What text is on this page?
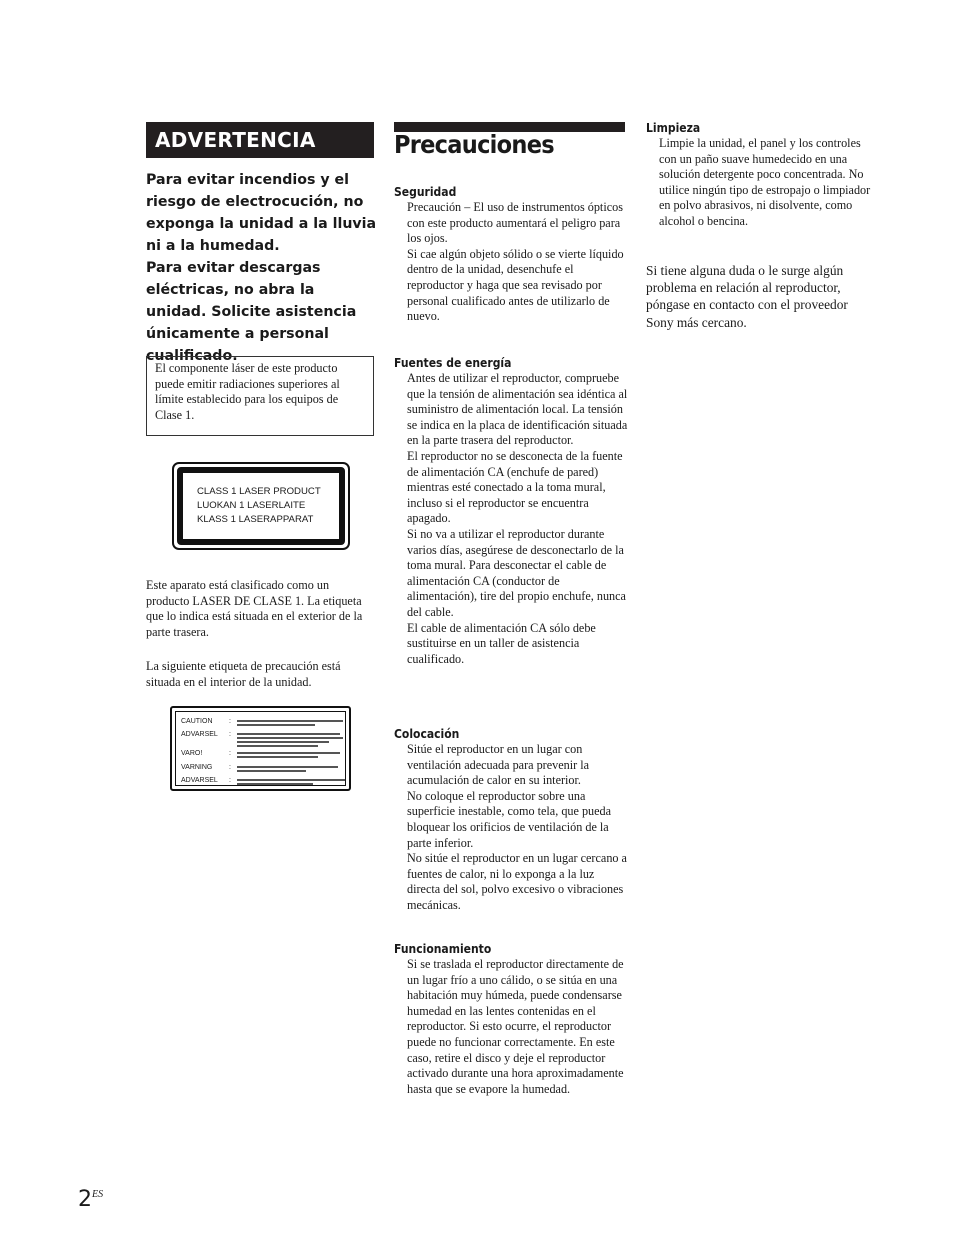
ADVERTENCIA

Para evitar incendios y el riesgo de electrocución, no exponga la unidad a la lluvia ni a la humedad.

Para evitar descargas eléctricas, no abra la unidad. Solicite asistencia únicamente a personal cualificado.

El componente láser de este producto puede emitir radiaciones superiores al límite establecido para los equipos de Clase 1.
CLASS 1 LASER PRODUCT
LUOKAN 1 LASERLAITE
KLASS 1 LASERAPPARAT

Este aparato está clasificado como un producto LASER DE CLASE 1. La etiqueta que lo indica está situada en el exterior de la parte trasera.

La siguiente etiqueta de precaución está situada en el interior de la unidad.

CAUTION :
ADVARSEL :
VARO!	:
VARNING :
ADVARSEL :
Precauciones

Seguridad

Precaución – El uso de instrumentos ópticos con este producto aumentará el peligro para los ojos.

Si cae algún objeto sólido o se vierte líquido dentro de la unidad, desenchufe el reproductor y haga que sea revisado por personal cualificado antes de utilizarlo de nuevo.

Fuentes de energía

Antes de utilizar el reproductor, compruebe que la tensión de alimentación sea idéntica al suministro de alimentación local. La tensión se indica en la placa de identificación situada en la parte trasera del reproductor.

El reproductor no se desconecta de la fuente de alimentación CA (enchufe de pared) mientras esté conectado a la toma mural, incluso si el reproductor se encuentra apagado.

Si no va a utilizar el reproductor durante varios días, asegúrese de desconectarlo de la toma mural. Para desconectar el cable de alimentación CA (conductor de alimentación), tire del propio enchufe, nunca del cable.

El cable de alimentación CA sólo debe sustituirse en un taller de asistencia cualificado.

Colocación

Sitúe el reproductor en un lugar con ventilación adecuada para prevenir la acumulación de calor en su interior.

No coloque el reproductor sobre una superficie inestable, como tela, que pueda bloquear los orificios de ventilación de la parte inferior.

No sitúe el reproductor en un lugar cercano a fuentes de calor, ni lo exponga a la luz directa del sol, polvo excesivo o vibraciones mecánicas.

Funcionamiento

Si se traslada el reproductor directamente de un lugar frío a uno cálido, o se sitúa en una habitación muy húmeda, puede condensarse humedad en las lentes contenidas en el reproductor. Si esto ocurre, el reproductor puede no funcionar correctamente. En este caso, retire el disco y deje el reproductor activado durante una hora aproximadamente hasta que se evapore la humedad.

Limpieza

Limpie la unidad, el panel y los controles con un paño suave humedecido en una solución detergente poco concentrada. No utilice ningún tipo de estropajo o limpiador en polvo abrasivos, ni disolvente, como alcohol o bencina.

Si tiene alguna duda o le surge algún problema en relación al reproductor, póngase en contacto con el proveedor Sony más cercano.

$2^{ES}$
